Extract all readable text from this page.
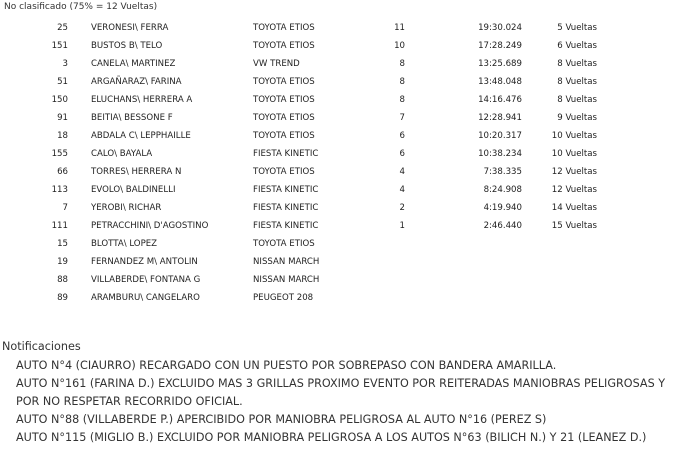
No clasificado (75% = 12 Vueltas)
25	VERONESI\ FERRA	TOYOTA ETIOS	11	19:30.024	5 Vueltas
151	BUSTOS B\ TELO	TOYOTA ETIOS	10	17:28.249	6 Vueltas
3	CANELA\ MARTINEZ	VW TREND	8	13:25.689	8 Vueltas
51	ARGAÑARAZ\ FARINA	TOYOTA ETIOS	8	13:48.048	8 Vueltas
150	ELUCHANS\ HERRERA A	TOYOTA ETIOS	8	14:16.476	8 Vueltas
91	BEITIA\ BESSONE F	TOYOTA ETIOS	7	12:28.941	9 Vueltas
18	ABDALA C\ LEPPHAILLE	TOYOTA ETIOS	6	10:20.317	10 Vueltas
155	CALO\ BAYALA	FIESTA KINETIC	6	10:38.234	10 Vueltas
66	TORRES\ HERRERA N	TOYOTA ETIOS	4	7:38.335	12 Vueltas
113	EVOLO\ BALDINELLI	FIESTA KINETIC	4	8:24.908	12 Vueltas
7	YEROBI\ RICHAR	FIESTA KINETIC	2	4:19.940	14 Vueltas
111	PETRACCHINI\ D'AGOSTINO	FIESTA KINETIC	1	2:46.440	15 Vueltas
15	BLOTTA\ LOPEZ	TOYOTA ETIOS
19	FERNANDEZ M\ ANTOLIN	NISSAN MARCH
88	VILLABERDE\ FONTANA G	NISSAN MARCH
89	ARAMBURU\ CANGELARO	PEUGEOT 208
Notificaciones
AUTO N°4 (CIAURRO) RECARGADO CON UN PUESTO POR SOBREPASO CON BANDERA AMARILLA.
AUTO N°161 (FARINA D.) EXCLUIDO MAS 3 GRILLAS PROXIMO EVENTO POR REITERADAS MANIOBRAS PELIGROSAS Y
POR NO RESPETAR RECORRIDO OFICIAL.
AUTO N°88 (VILLABERDE P.) APERCIBIDO POR MANIOBRA PELIGROSA AL AUTO N°16 (PEREZ S)
AUTO N°115 (MIGLIO B.) EXCLUIDO POR MANIOBRA PELIGROSA A LOS AUTOS N°63 (BILICH N.) Y 21 (LEANEZ D.)
